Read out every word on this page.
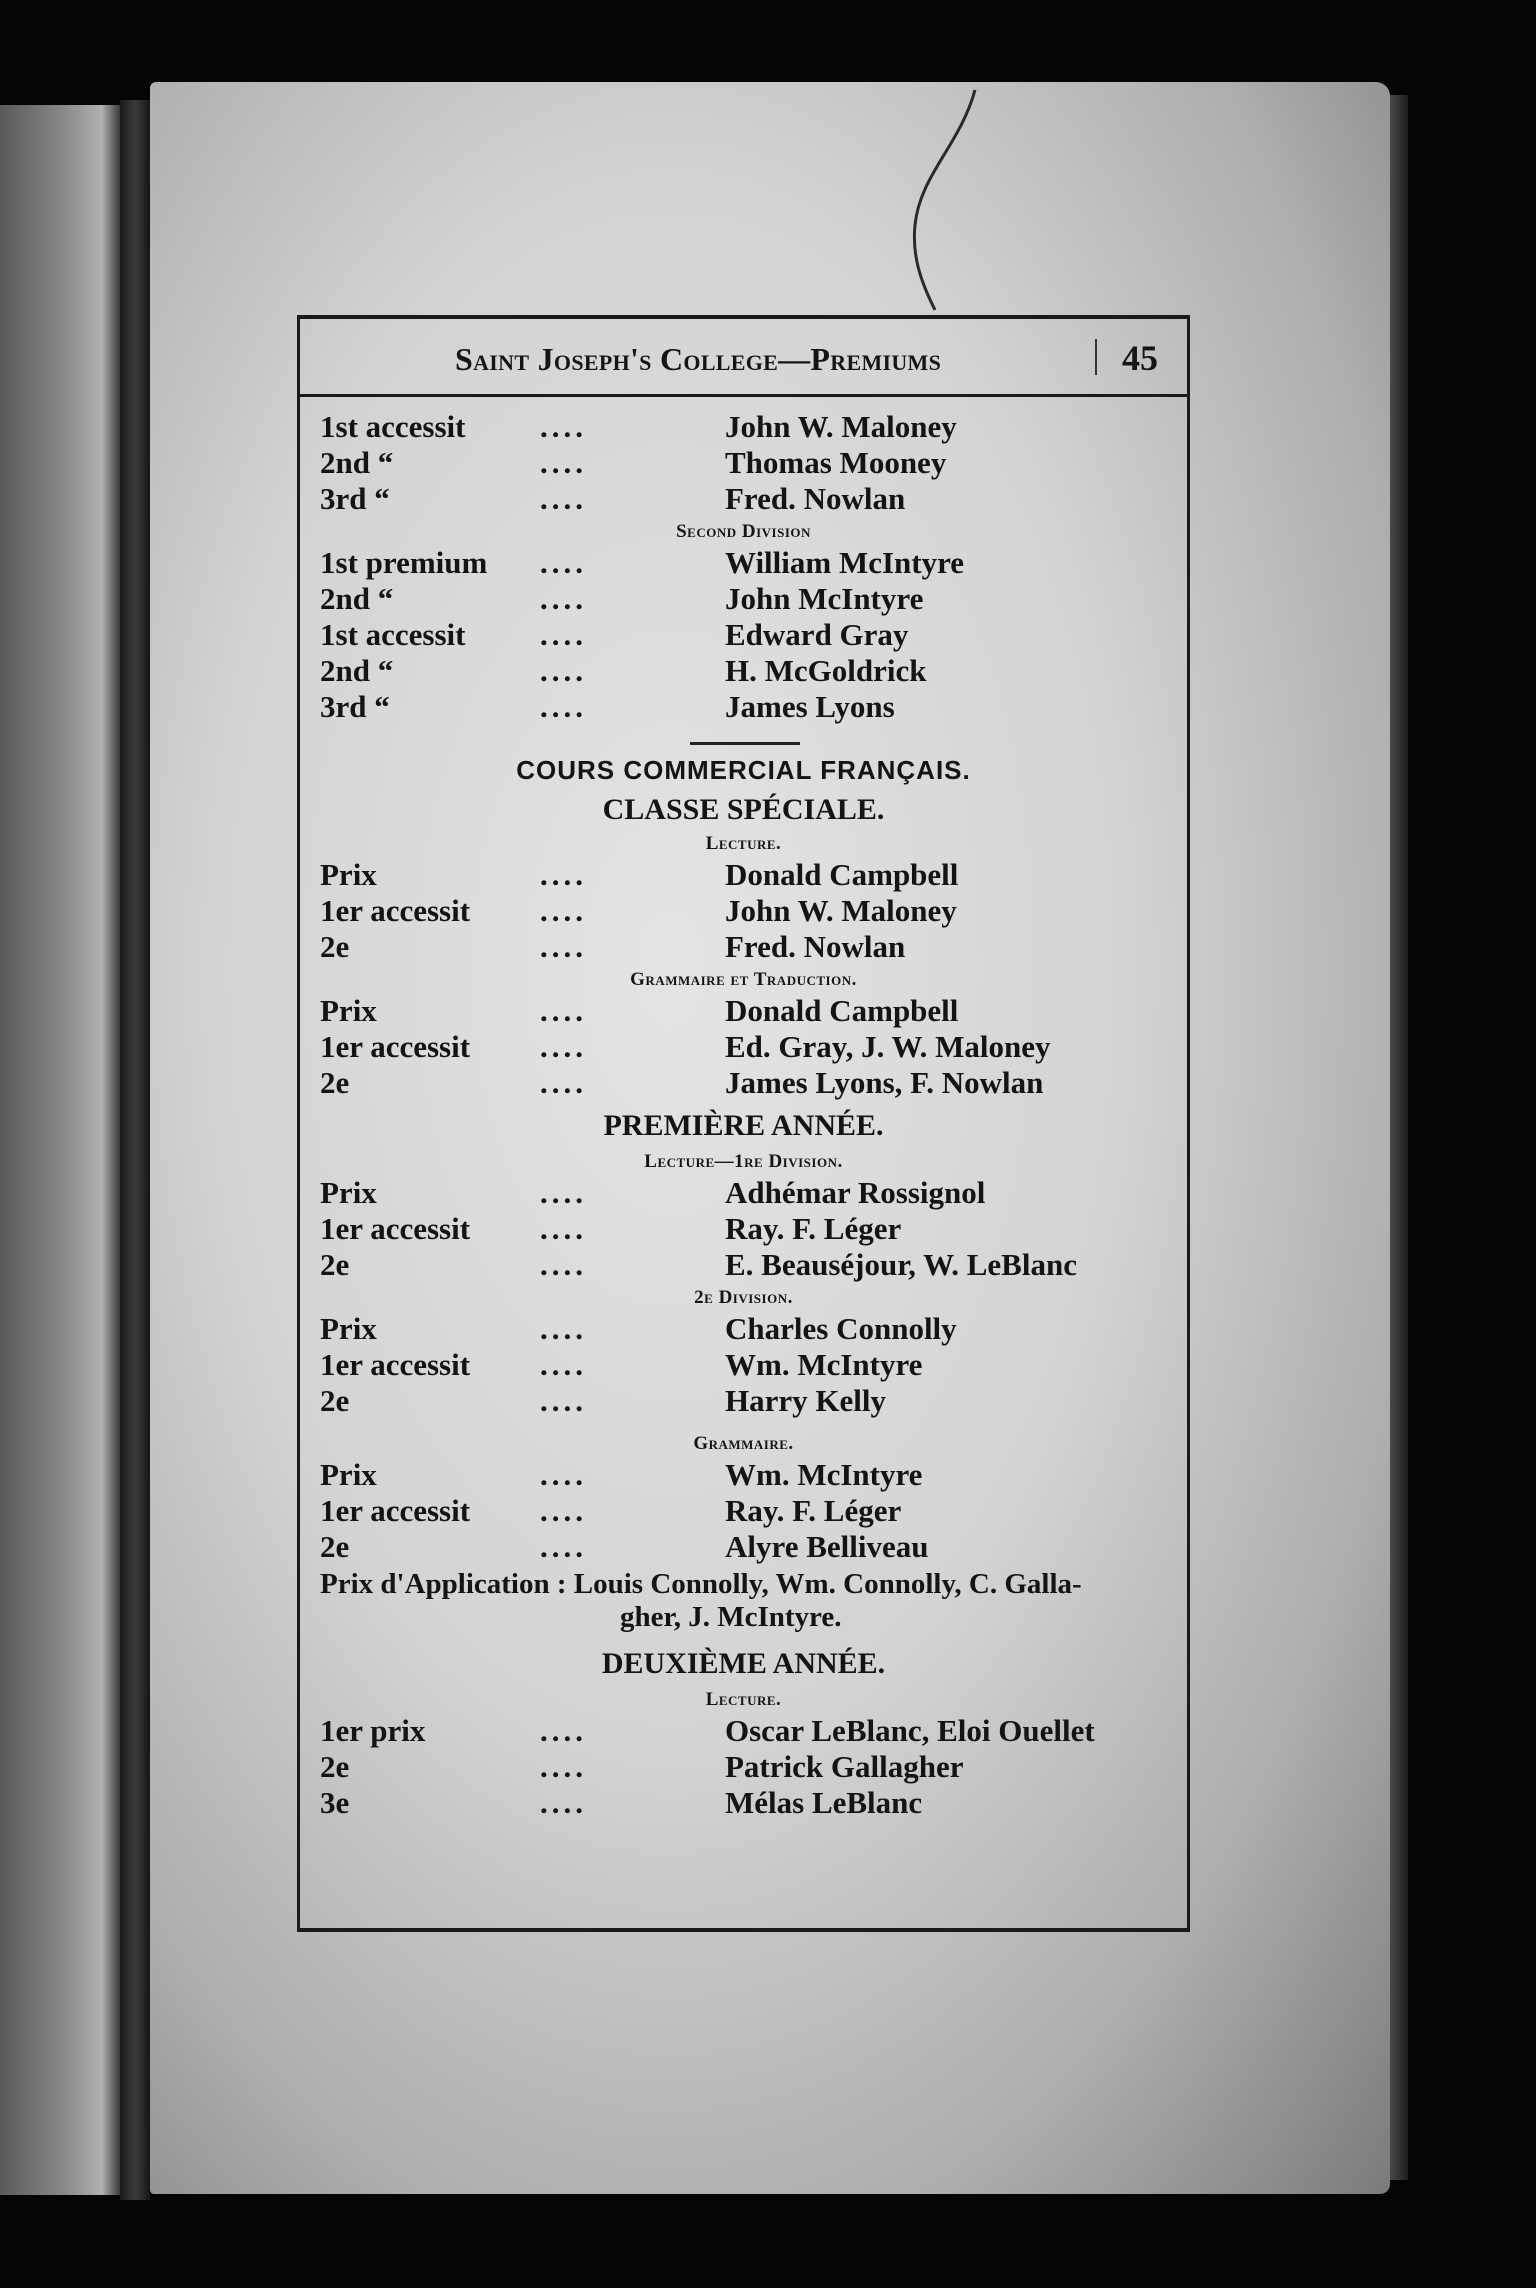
Saint Joseph's College—Premiums	45
1st accessit ....	John W. Maloney
2nd “	....	Thomas Mooney
3rd “	....	Fred. Nowlan
Second Division
1st premium ....	William McIntyre
2nd “	....	John McIntyre
1st accessit ....	Edward Gray
2nd “	....	H. McGoldrick
3rd “	....	James Lyons
COURS COMMERCIAL FRANÇAIS.
CLASSE SPÉCIALE.
Lecture.
Prix	....	Donald Campbell
1er accessit ....	John W. Maloney
2e	....	Fred. Nowlan
Grammaire et Traduction.
Prix	....	Donald Campbell
1er accessit ....	Ed. Gray, J. W. Maloney
2e	....	James Lyons, F. Nowlan
PREMIÈRE ANNÉE.
Lecture—1re Division.
Prix	....	Adhémar Rossignol
1er accessit ....	Ray. F. Léger
2e	....	E. Beauséjour, W. LeBlanc
2e Division.
Prix	....	Charles Connolly
1er accessit ....	Wm. McIntyre
2e	....	Harry Kelly
Grammaire.
Prix	....	Wm. McIntyre
1er accessit ....	Ray. F. Léger
2e	....	Alyre Belliveau
Prix d'Application : Louis Connolly, Wm. Connolly, C. Galla-
gher, J. McIntyre.
DEUXIÈME ANNÉE.
Lecture.
1er prix	....	Oscar LeBlanc, Eloi Ouellet
2e	....	Patrick Gallagher
3e	....	Mélas LeBlanc
